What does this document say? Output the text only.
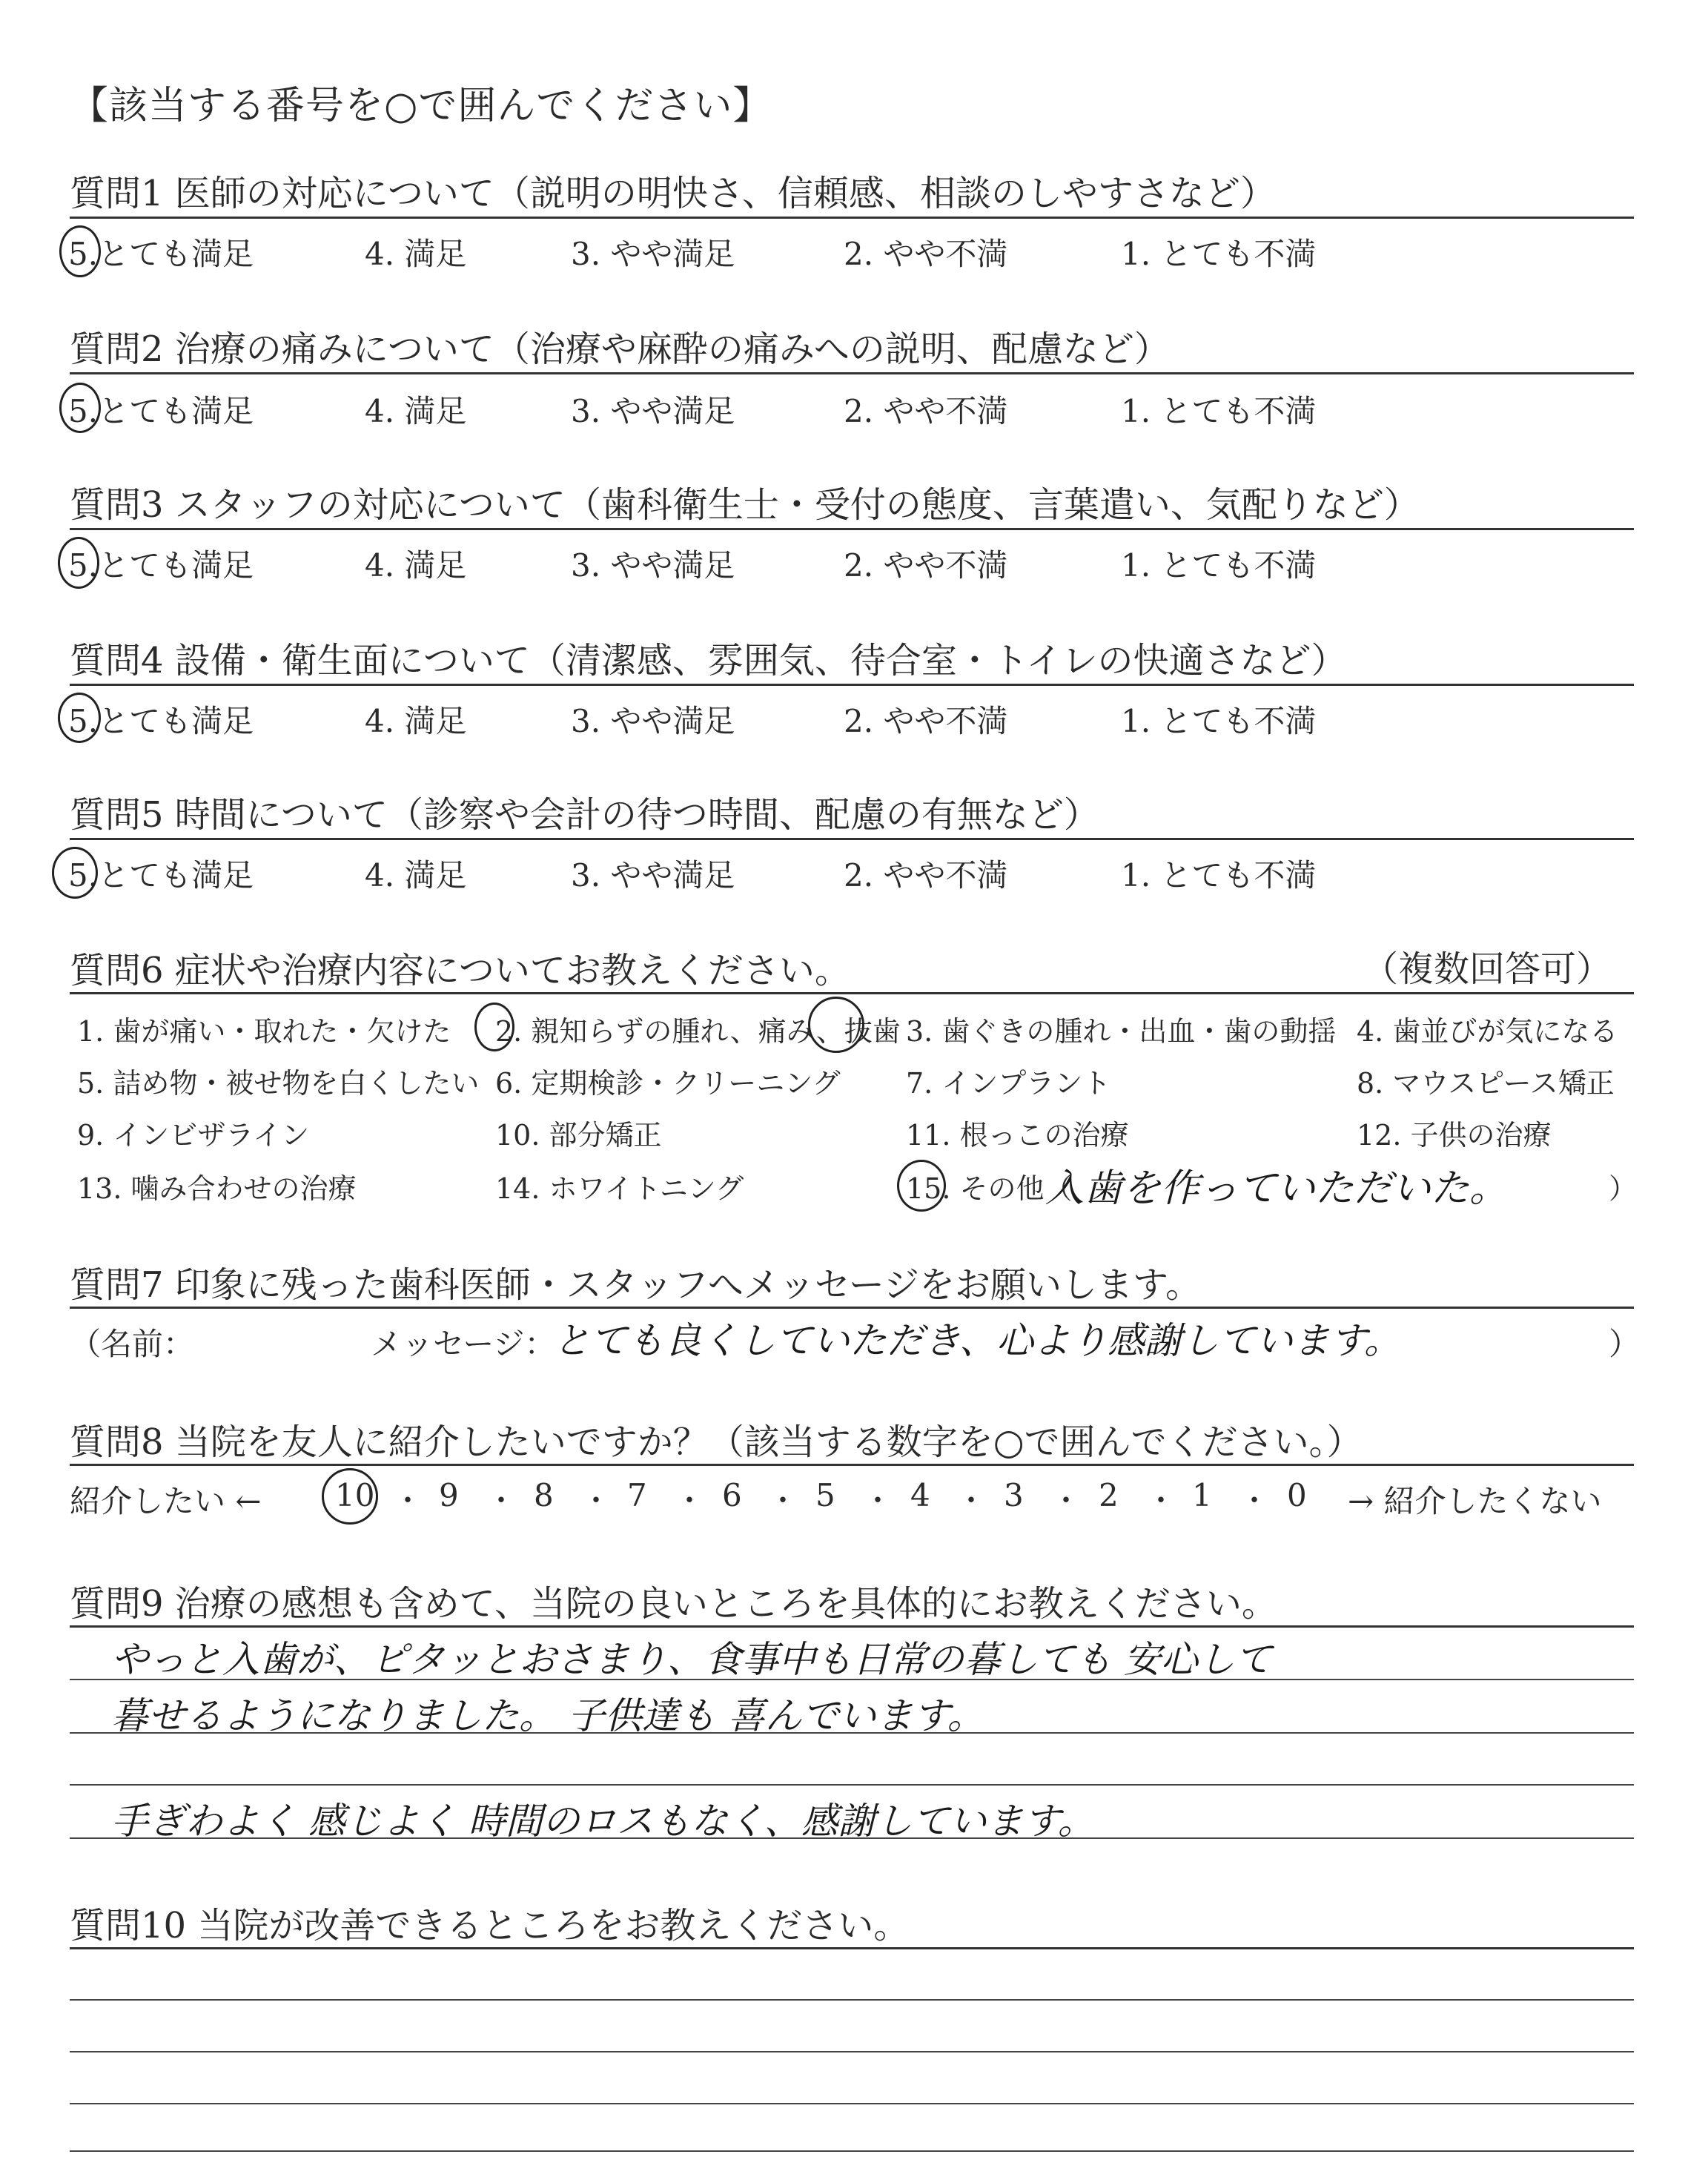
【該当する番号を○で囲んでください】
質問1 医師の対応について（説明の明快さ、信頼感、相談のしやすさなど）
5.とても満足	4. 満足	3. やや満足	2. やや不満	1. とても不満
質問2 治療の痛みについて（治療や麻酔の痛みへの説明、配慮など）
5.とても満足	4. 満足	3. やや満足	2. やや不満	1. とても不満
質問3 スタッフの対応について（歯科衛生士・受付の態度、言葉遣い、気配りなど）
5.とても満足	4. 満足	3. やや満足	2. やや不満	1. とても不満
質問4 設備・衛生面について（清潔感、雰囲気、待合室・トイレの快適さなど）
5.とても満足	4. 満足	3. やや満足	2. やや不満	1. とても不満
質問5 時間について（診察や会計の待つ時間、配慮の有無など）
5.とても満足	4. 満足	3. やや満足	2. やや不満	1. とても不満
質問6 症状や治療内容についてお教えください。	（複数回答可）
1. 歯が痛い・取れた・欠けた 2. 親知らずの腫れ、痛み、抜歯 3. 歯ぐきの腫れ・出血・歯の動揺 4. 歯並びが気になる
5. 詰め物・被せ物を白くしたい 6. 定期検診・クリーニング 7. インプラント	8. マウスピース矯正
9. インビザライン	10. 部分矯正	11. 根っこの治療	12. 子供の治療
13. 噛み合わせの治療	14. ホワイトニング	15. その他（	）
入歯を作っていただいた。
質問7 印象に残った歯科医師・スタッフへメッセージをお願いします。
（名前：	メッセージ：
とても良くしていただき、心より感謝しています。	）
質問8 当院を友人に紹介したいですか？（該当する数字を○で囲んでください。）
紹介したい ←	→ 紹介したくない
10 ・ 9 ・ 8 ・ 7 ・ 6 ・ 5 ・ 4 ・ 3 ・ 2 ・ 1 ・ 0
質問9 治療の感想も含めて、当院の良いところを具体的にお教えください。
やっと入歯が、ピタッとおさまり、食事中も日常の暮しても 安心して
暮せるようになりました。 子供達も 喜んでいます。
手ぎわよく 感じよく 時間のロスもなく、感謝しています。
質問10 当院が改善できるところをお教えください。
